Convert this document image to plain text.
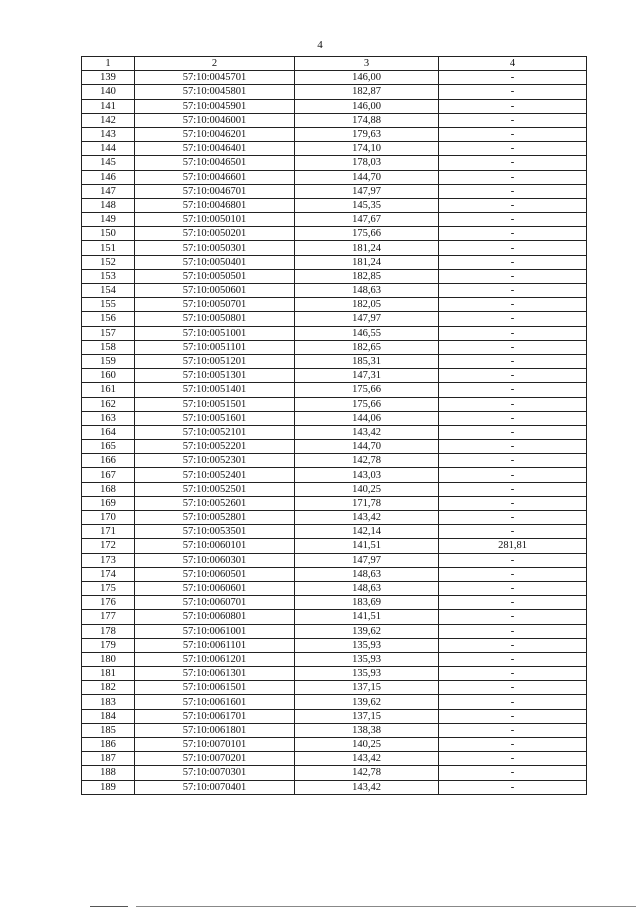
4
1	2	3	4
139	57:10:0045701	146,00	-
140	57:10:0045801	182,87	-
141	57:10:0045901	146,00	-
142	57:10:0046001	174,88	-
143	57:10:0046201	179,63	-
144	57:10:0046401	174,10	-
145	57:10:0046501	178,03	-
146	57:10:0046601	144,70	-
147	57:10:0046701	147,97	-
148	57:10:0046801	145,35	-
149	57:10:0050101	147,67	-
150	57:10:0050201	175,66	-
151	57:10:0050301	181,24	-
152	57:10:0050401	181,24	-
153	57:10:0050501	182,85	-
154	57:10:0050601	148,63	-
155	57:10:0050701	182,05	-
156	57:10:0050801	147,97	-
157	57:10:0051001	146,55	-
158	57:10:0051101	182,65	-
159	57:10:0051201	185,31	-
160	57:10:0051301	147,31	-
161	57:10:0051401	175,66	-
162	57:10:0051501	175,66	-
163	57:10:0051601	144,06	-
164	57:10:0052101	143,42	-
165	57:10:0052201	144,70	-
166	57:10:0052301	142,78	-
167	57:10:0052401	143,03	-
168	57:10:0052501	140,25	-
169	57:10:0052601	171,78	-
170	57:10:0052801	143,42	-
171	57:10:0053501	142,14	-
172	57:10:0060101	141,51	281,81
173	57:10:0060301	147,97	-
174	57:10:0060501	148,63	-
175	57:10:0060601	148,63	-
176	57:10:0060701	183,69	-
177	57:10:0060801	141,51	-
178	57:10:0061001	139,62	-
179	57:10:0061101	135,93	-
180	57:10:0061201	135,93	-
181	57:10:0061301	135,93	-
182	57:10:0061501	137,15	-
183	57:10:0061601	139,62	-
184	57:10:0061701	137,15	-
185	57:10:0061801	138,38	-
186	57:10:0070101	140,25	-
187	57:10:0070201	143,42	-
188	57:10:0070301	142,78	-
189	57:10:0070401	143,42	-
